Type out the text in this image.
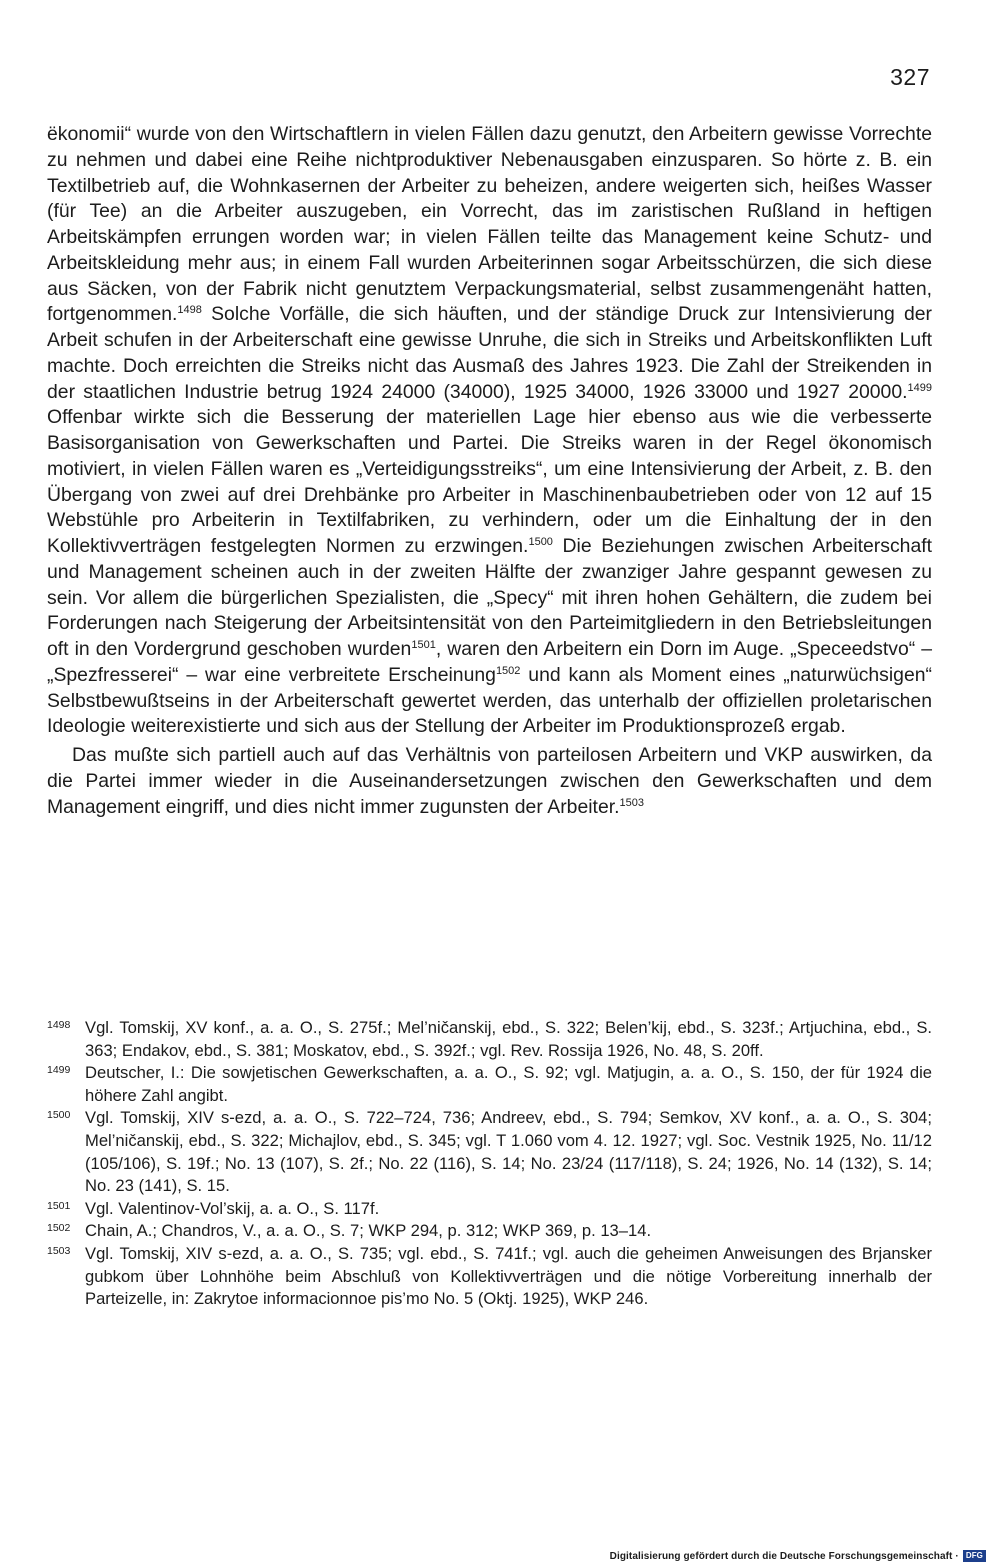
327

ëkonomii“ wurde von den Wirtschaftlern in vielen Fällen dazu genutzt, den Arbeitern gewisse Vorrechte zu nehmen und dabei eine Reihe nichtproduktiver Nebenausgaben einzusparen. So hörte z. B. ein Textilbetrieb auf, die Wohnkasernen der Arbeiter zu beheizen, andere weigerten sich, heißes Wasser (für Tee) an die Arbeiter auszugeben, ein Vorrecht, das im zaristischen Rußland in heftigen Arbeitskämpfen errungen worden war; in vielen Fällen teilte das Management keine Schutz- und Arbeitskleidung mehr aus; in einem Fall wurden Arbeiterinnen sogar Arbeitsschürzen, die sich diese aus Säcken, von der Fabrik nicht genutztem Verpackungsmaterial, selbst zusammengenäht hatten, fortgenommen.$^{1498}$ Solche Vorfälle, die sich häuften, und der ständige Druck zur Intensivierung der Arbeit schufen in der Arbeiterschaft eine gewisse Unruhe, die sich in Streiks und Arbeitskonflikten Luft machte. Doch erreichten die Streiks nicht das Ausmaß des Jahres 1923. Die Zahl der Streikenden in der staatlichen Industrie betrug 1924 24000 (34000), 1925 34000, 1926 33000 und 1927 20000.$^{1499}$ Offenbar wirkte sich die Besserung der materiellen Lage hier ebenso aus wie die verbesserte Basisorganisation von Gewerkschaften und Partei. Die Streiks waren in der Regel ökonomisch motiviert, in vielen Fällen waren es „Verteidigungsstreiks“, um eine Intensivierung der Arbeit, z. B. den Übergang von zwei auf drei Drehbänke pro Arbeiter in Maschinenbaubetrieben oder von 12 auf 15 Webstühle pro Arbeiterin in Textilfabriken, zu verhindern, oder um die Einhaltung der in den Kollektivverträgen festgelegten Normen zu erzwingen.$^{1500}$ Die Beziehungen zwischen Arbeiterschaft und Management scheinen auch in der zweiten Hälfte der zwanziger Jahre gespannt gewesen zu sein. Vor allem die bürgerlichen Spezialisten, die „Specy“ mit ihren hohen Gehältern, die zudem bei Forderungen nach Steigerung der Arbeitsintensität von den Parteimitgliedern in den Betriebsleitungen oft in den Vordergrund geschoben wurden$^{1501}$, waren den Arbeitern ein Dorn im Auge. „Speceedstvo“ – „Spezfresserei“ – war eine verbreitete Erscheinung$^{1502}$ und kann als Moment eines „naturwüchsigen“ Selbstbewußtseins in der Arbeiterschaft gewertet werden, das unterhalb der offiziellen proletarischen Ideologie weiterexistierte und sich aus der Stellung der Arbeiter im Produktionsprozeß ergab.

Das mußte sich partiell auch auf das Verhältnis von parteilosen Arbeitern und VKP auswirken, da die Partei immer wieder in die Auseinandersetzungen zwischen den Gewerkschaften und dem Management eingriff, und dies nicht immer zugunsten der Arbeiter.$^{1503}$

1498 Vgl. Tomskij, XV konf., a. a. O., S. 275f.; Mel’ničanskij, ebd., S. 322; Belen’kij, ebd., S. 323f.; Artjuchina, ebd., S. 363; Endakov, ebd., S. 381; Moskatov, ebd., S. 392f.; vgl. Rev. Rossija 1926, No. 48, S. 20ff.
1499 Deutscher, I.: Die sowjetischen Gewerkschaften, a. a. O., S. 92; vgl. Matjugin, a. a. O., S. 150, der für 1924 die höhere Zahl angibt.
1500 Vgl. Tomskij, XIV s-ezd, a. a. O., S. 722–724, 736; Andreev, ebd., S. 794; Semkov, XV konf., a. a. O., S. 304; Mel’ničanskij, ebd., S. 322; Michajlov, ebd., S. 345; vgl. T 1.060 vom 4. 12. 1927; vgl. Soc. Vestnik 1925, No. 11/12 (105/106), S. 19f.; No. 13 (107), S. 2f.; No. 22 (116), S. 14; No. 23/24 (117/118), S. 24; 1926, No. 14 (132), S. 14; No. 23 (141), S. 15.
1501 Vgl. Valentinov-Vol’skij, a. a. O., S. 117f.
1502 Chain, A.; Chandros, V., a. a. O., S. 7; WKP 294, p. 312; WKP 369, p. 13–14.
1503 Vgl. Tomskij, XIV s-ezd, a. a. O., S. 735; vgl. ebd., S. 741f.; vgl. auch die geheimen Anweisungen des Brjansker gubkom über Lohnhöhe beim Abschluß von Kollektivverträgen und die nötige Vorbereitung innerhalb der Parteizelle, in: Zakrytoe informacionnoe pis’mo No. 5 (Oktj. 1925), WKP 246.
Digitalisierung gefördert durch die Deutsche Forschungsgemeinschaft · DFG
